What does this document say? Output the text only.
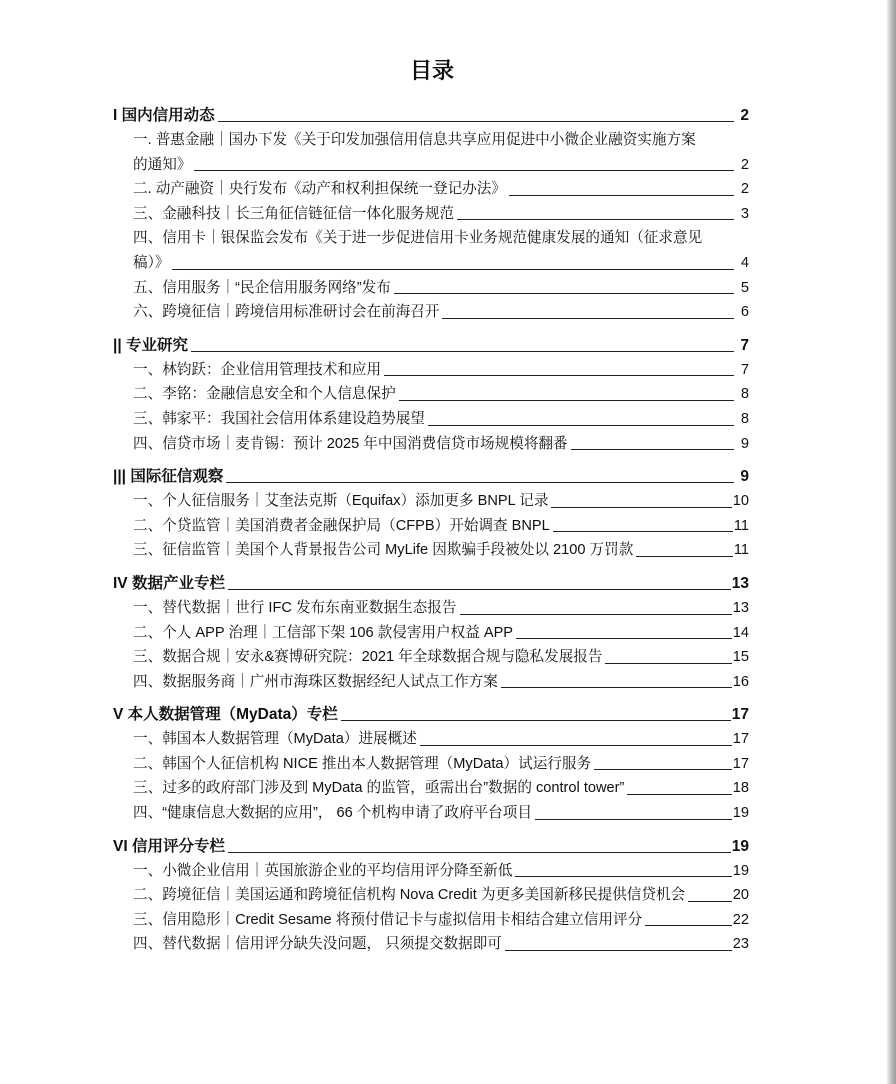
目录
I 国内信用动态	2
一. 普惠金融｜国办下发《关于印发加强信用信息共享应用促进中小微企业融资实施方案
的通知》	2
二. 动产融资｜央行发布《动产和权利担保统一登记办法》	2
三、金融科技｜长三角征信链征信一体化服务规范	3
四、信用卡｜银保监会发布《关于进一步促进信用卡业务规范健康发展的通知（征求意见
稿）》	4
五、信用服务｜“民企信用服务网络”发布	5
六、跨境征信｜跨境信用标准研讨会在前海召开	6
|| 专业研究	7
一、林钧跃：企业信用管理技术和应用	7
二、李铭：金融信息安全和个人信息保护	8
三、韩家平：我国社会信用体系建设趋势展望	8
四、信贷市场｜麦肯锡：预计 2025 年中国消费信贷市场规模将翻番	9
||| 国际征信观察	9
一、个人征信服务｜艾奎法克斯（Equifax）添加更多 BNPL 记录	10
二、个贷监管｜美国消费者金融保护局（CFPB）开始调查 BNPL	11
三、征信监管｜美国个人背景报告公司 MyLife 因欺骗手段被处以 2100 万罚款	11
IV 数据产业专栏	13
一、替代数据｜世行 IFC 发布东南亚数据生态报告	13
二、个人 APP 治理｜工信部下架 106 款侵害用户权益 APP	14
三、数据合规｜安永&赛博研究院：2021 年全球数据合规与隐私发展报告	15
四、数据服务商｜广州市海珠区数据经纪人试点工作方案	16
V 本人数据管理（MyData）专栏	17
一、韩国本人数据管理（MyData）进展概述	17
二、韩国个人征信机构 NICE 推出本人数据管理（MyData）试运行服务	17
三、过多的政府部门涉及到 MyData 的监管，亟需出台”数据的 control tower”	18
四、“健康信息大数据的应用”， 66 个机构申请了政府平台项目	19
VI 信用评分专栏	19
一、小微企业信用｜英国旅游企业的平均信用评分降至新低	19
二、跨境征信｜美国运通和跨境征信机构 Nova Credit 为更多美国新移民提供信贷机会	20
三、信用隐形｜Credit Sesame 将预付借记卡与虚拟信用卡相结合建立信用评分	22
四、替代数据｜信用评分缺失没问题， 只须提交数据即可	23
